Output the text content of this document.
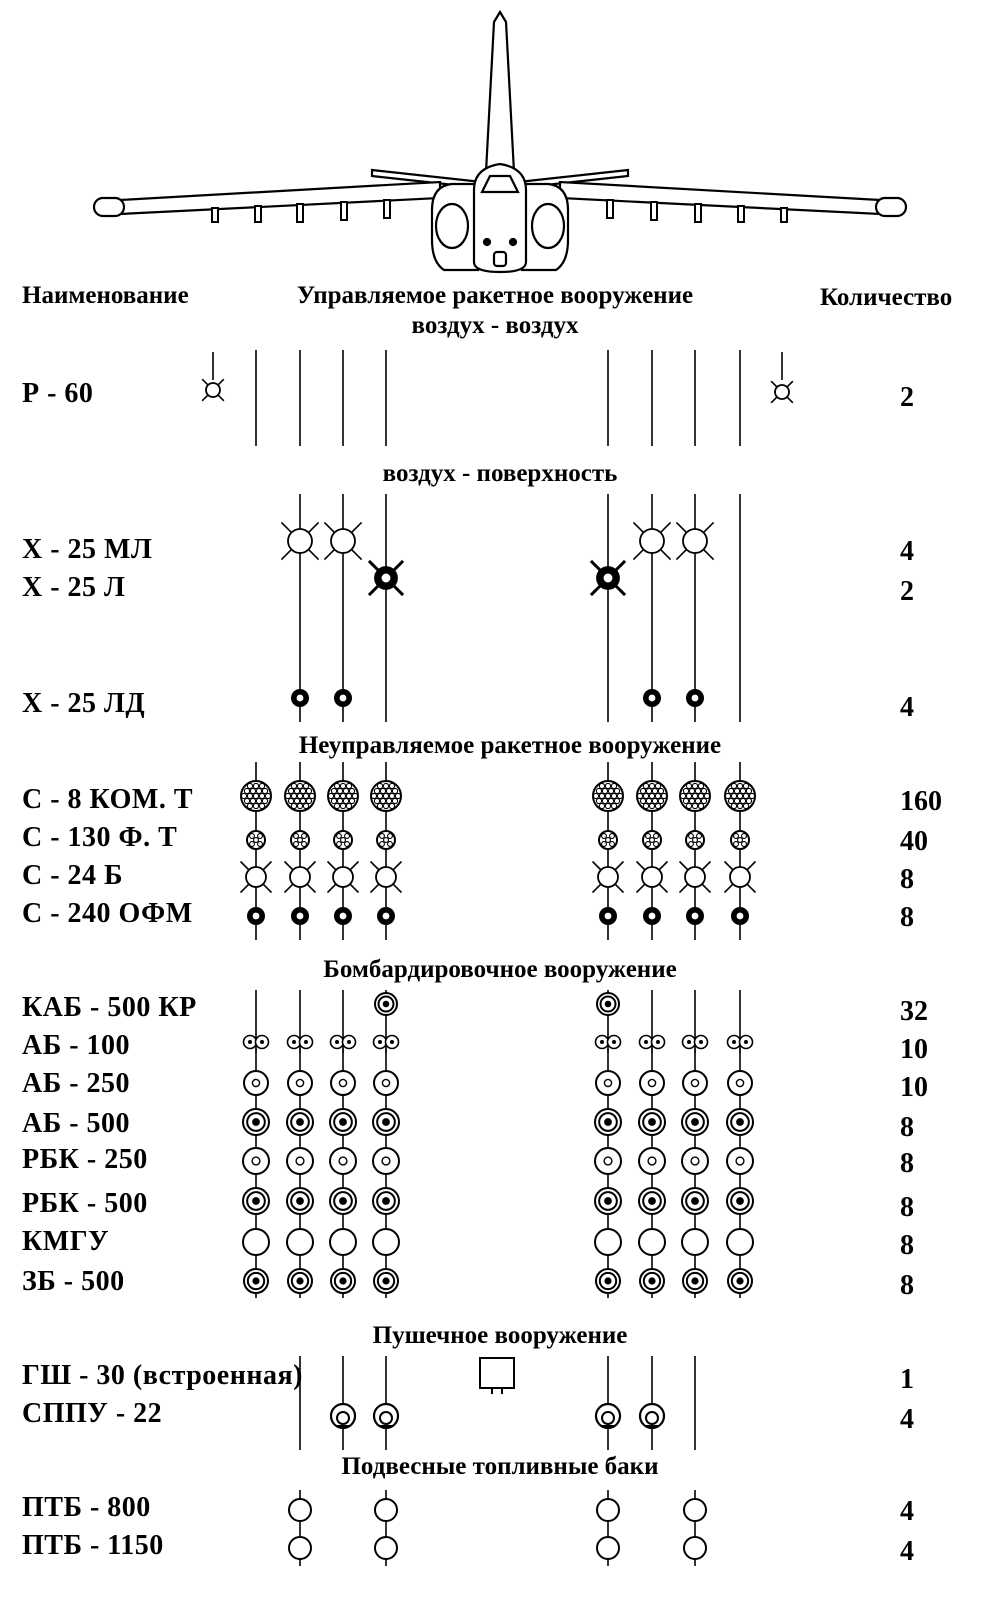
Наименование	Управляемое ракетное вооружение
воздух - воздух
Количество
воздух - поверхность
Неуправляемое ракетное вооружение
Бомбардировочное вооружение
Пушечное вооружение
Подвесные топливные баки
Р - 60	2
Х - 25 МЛ	4
Х - 25 Л	2
Х - 25 ЛД	4
С - 8 КОМ. Т	160
С - 130 Ф. Т	40
С - 24 Б	8
С - 240 ОФМ	8
КАБ - 500 КР	32
АБ - 100	10
АБ - 250	10
АБ - 500	8
РБК - 250	8
РБК - 500	8
КМГУ	8
ЗБ - 500	8
ГШ - 30 (встроенная)	1
СППУ - 22	4
ПТБ - 800	4
ПТБ - 1150	4
